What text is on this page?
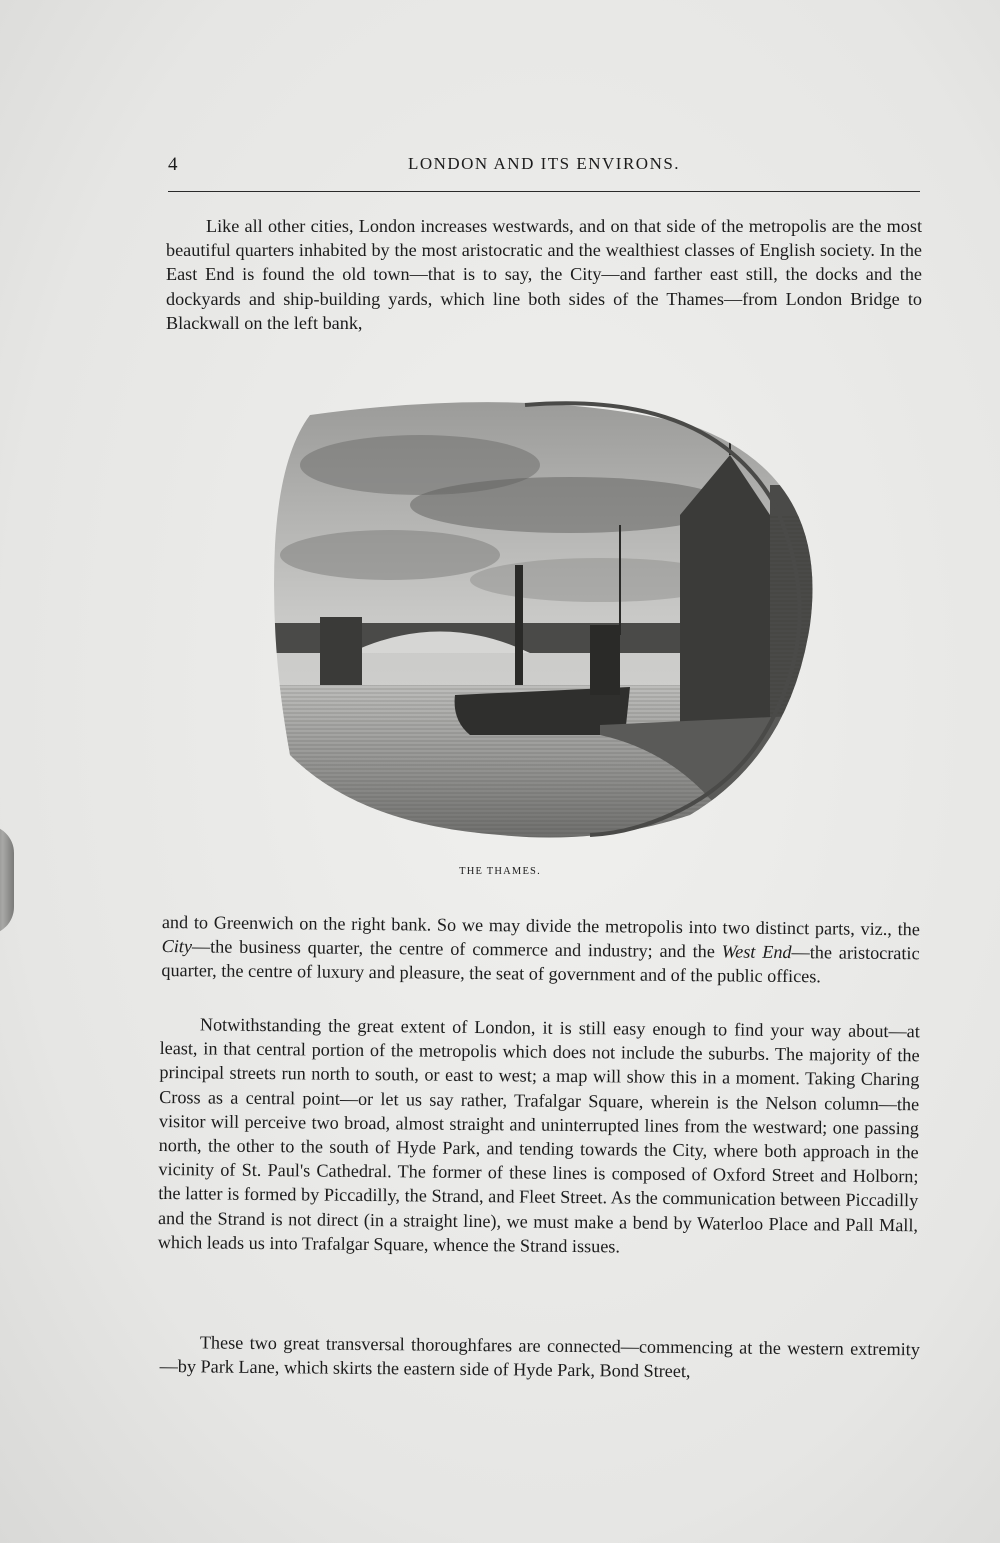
4	LONDON AND ITS ENVIRONS.

Like all other cities, London increases westwards, and on that side of the metropolis are the most beautiful quarters inhabited by the most aristocratic and the wealthiest classes of English society. In the East End is found the old town—that is to say, the City—and farther east still, the docks and the dockyards and ship-building yards, which line both sides of the Thames—from London Bridge to Blackwall on the left bank,

THE THAMES.

and to Greenwich on the right bank. So we may divide the metropolis into two distinct parts, viz., the City—the business quarter, the centre of commerce and industry; and the West End—the aristocratic quarter, the centre of luxury and pleasure, the seat of government and of the public offices.

Notwithstanding the great extent of London, it is still easy enough to find your way about—at least, in that central portion of the metropolis which does not include the suburbs. The majority of the principal streets run north to south, or east to west; a map will show this in a moment. Taking Charing Cross as a central point—or let us say rather, Trafalgar Square, wherein is the Nelson column—the visitor will perceive two broad, almost straight and uninterrupted lines from the westward; one passing north, the other to the south of Hyde Park, and tending towards the City, where both approach in the vicinity of St. Paul's Cathedral. The former of these lines is composed of Oxford Street and Holborn; the latter is formed by Piccadilly, the Strand, and Fleet Street. As the communication between Piccadilly and the Strand is not direct (in a straight line), we must make a bend by Waterloo Place and Pall Mall, which leads us into Trafalgar Square, whence the Strand issues.

These two great transversal thoroughfares are connected—commencing at the western extremity—by Park Lane, which skirts the eastern side of Hyde Park, Bond Street,
